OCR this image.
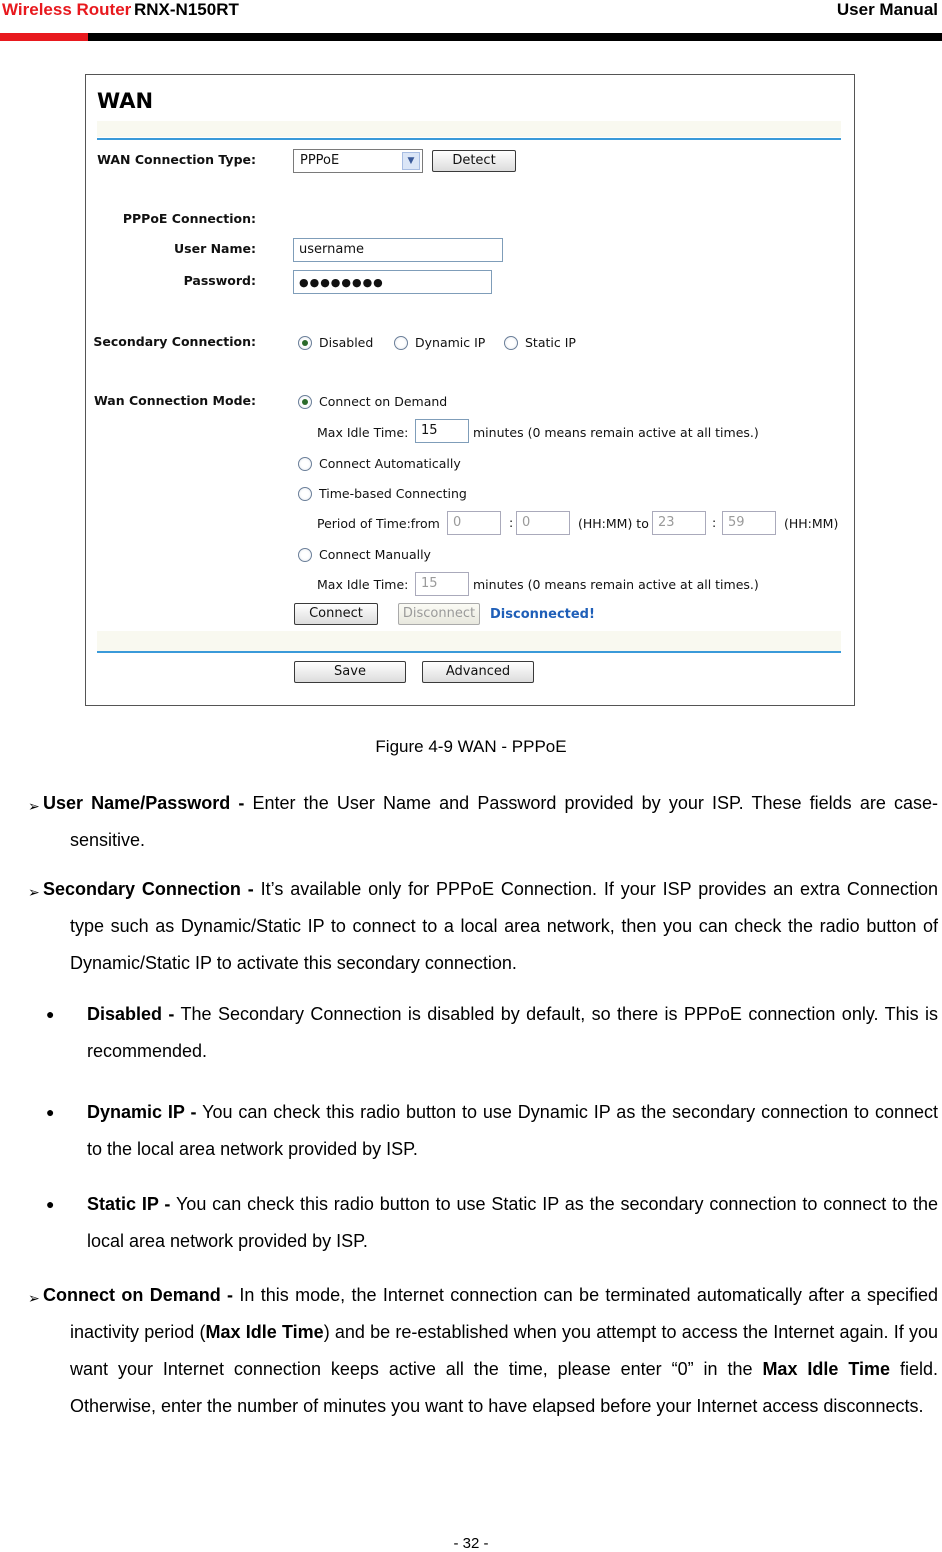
Wireless Router RNX-N150RT	User Manual
WAN
WAN Connection Type:	PPPoE	▼	Detect
PPPoE Connection:
User Name:	username
Password:	●●●●●●●●
Secondary Connection:	Disabled	Dynamic IP	Static IP
Wan Connection Mode:	Connect on Demand
Max Idle Time: 15	minutes (0 means remain active at all times.)
Connect Automatically
Time-based Connecting
Period of Time:from	0	: 0	(HH:MM) to 23	: 59	(HH:MM)
Connect Manually
Max Idle Time: 15	minutes (0 means remain active at all times.)
Connect	Disconnect	Disconnected!
Save	Advanced
Figure 4-9 WAN - PPPoE
➢ User Name/Password - Enter the User Name and Password provided by your ISP. These fields are case-sensitive.
➢ Secondary Connection - It’s available only for PPPoE Connection. If your ISP provides an extra Connection type such as Dynamic/Static IP to connect to a local area network, then you can check the radio button of Dynamic/Static IP to activate this secondary connection.
● Disabled - The Secondary Connection is disabled by default, so there is PPPoE connection only. This is recommended.
● Dynamic IP - You can check this radio button to use Dynamic IP as the secondary connection to connect to the local area network provided by ISP.
● Static IP - You can check this radio button to use Static IP as the secondary connection to connect to the local area network provided by ISP.
➢ Connect on Demand - In this mode, the Internet connection can be terminated automatically after a specified inactivity period (Max Idle Time) and be re-established when you attempt to access the Internet again. If you want your Internet connection keeps active all the time, please enter “0” in the Max Idle Time field. Otherwise, enter the number of minutes you want to have elapsed before your Internet access disconnects.
- 32 -
